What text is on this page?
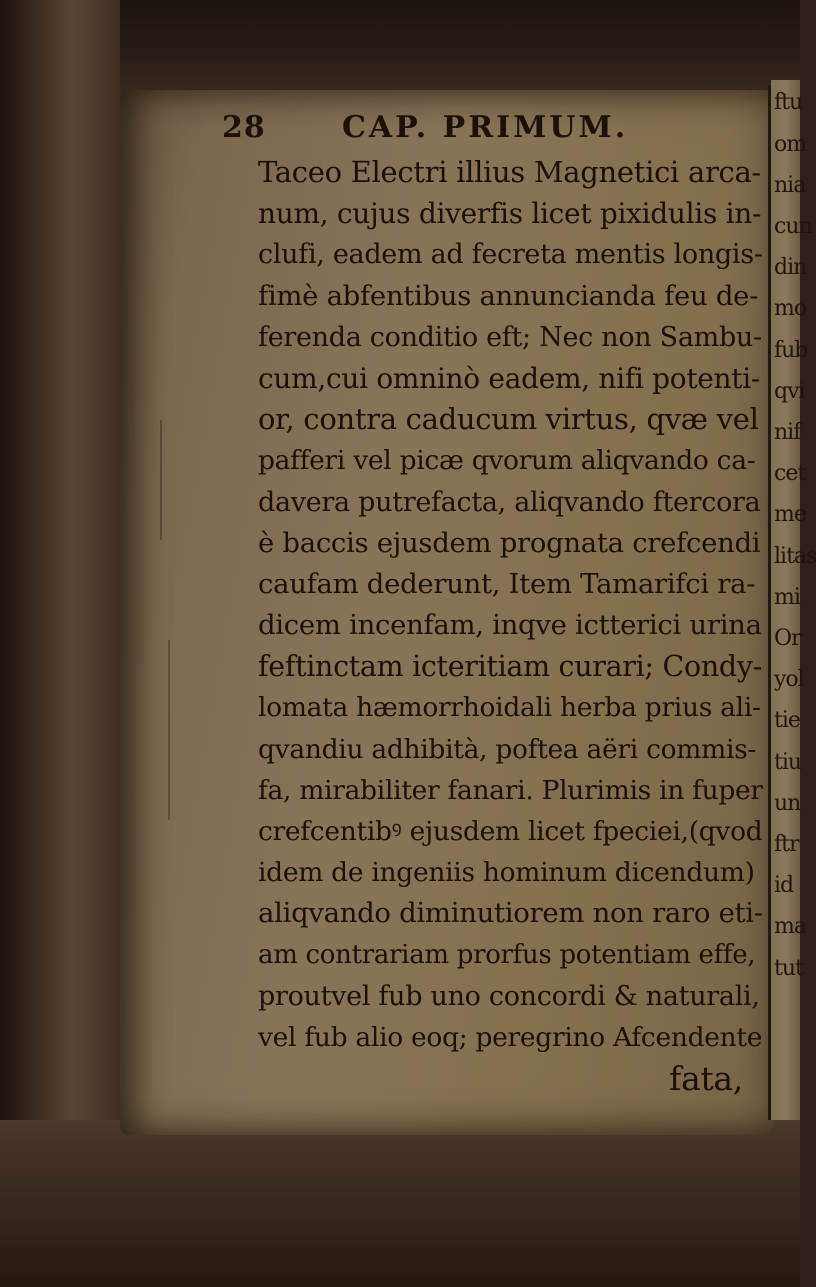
ftu
om
nia
cun
din
mo
fub
qvi
nif
cet
me
litas
mi
Or
yol
tie
tiu
un
ftr
id
ma
tut
28	CAP. PRIMUM.
Taceo Electri illius Magnetici arca-
num, cujus diverfis licet pixidulis in-
clufi, eadem ad fecreta mentis longis-
fimè abfentibus annuncianda feu de-
ferenda conditio eft; Nec non Sambu-
cum,cui omninò eadem, nifi potenti-
or, contra caducum virtus, qvæ vel
pafferi vel picæ qvorum aliqvando ca-
davera putrefacta, aliqvando ftercora
è baccis ejusdem prognata crefcendi
caufam dederunt, Item Tamarifci ra-
dicem incenfam, inqve ictterici urina
feftinctam icteritiam curari; Condy-
lomata hæmorrhoidali herba prius ali-
qvandiu adhibità, poftea aëri commis-
fa, mirabiliter fanari. Plurimis in fuper
crefcentibꝰ ejusdem licet fpeciei,(qvod
idem de ingeniis hominum dicendum)
aliqvando diminutiorem non raro eti-
am contrariam prorfus potentiam effe,
proutvel fub uno concordi & naturali,
vel fub alio eoq; peregrino Afcendente
fata,
